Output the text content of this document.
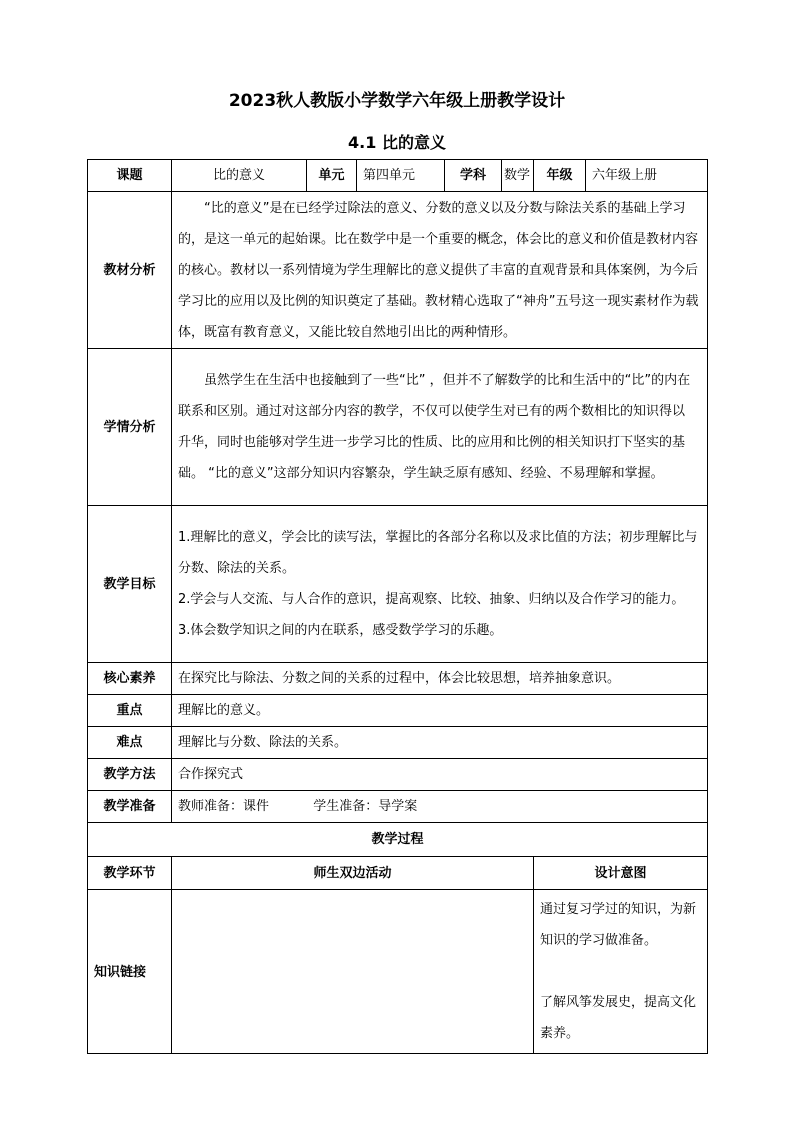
2023秋人教版小学数学六年级上册教学设计
4.1 比的意义
课题	比的意义	单元	第四单元	学科	数学	年级	六年级上册
教材分析	“比的意义”是在已经学过除法的意义、分数的意义以及分数与除法关系的基础上学习的，是这一单元的起始课。比在数学中是一个重要的概念，体会比的意义和价值是教材内容的核心。教材以一系列情境为学生理解比的意义提供了丰富的直观背景和具体案例，为今后学习比的应用以及比例的知识奠定了基础。教材精心选取了“神舟”五号这一现实素材作为载体，既富有教育意义，又能比较自然地引出比的两种情形。						

学情分析	虽然学生在生活中也接触到了一些“比” ，但并不了解数学的比和生活中的“比”的内在联系和区别。通过对这部分内容的教学，不仅可以使学生对已有的两个数相比的知识得以 升华，同时也能够对学生进一步学习比的性质、比的应用和比例的相关知识打下坚实的基础。 “比的意义”这部分知识内容繁杂，学生缺乏原有感知、经验、不易理解和掌握。						

教学目标	1.理解比的意义，学会比的读写法，掌握比的各部分名称以及求比值的方法；初步理解比与分数、除法的关系。

2.学会与人交流、与人合作的意识，提高观察、比较、抽象、归纳以及合作学习的能力。

3.体会数学知识之间的内在联系，感受数学学习的乐趣。						

核心素养	在探究比与除法、分数之间的关系的过程中，体会比较思想，培养抽象意识。						
重点	理解比的意义。						
难点	理解比与分数、除法的关系。						
教学方法	合作探究式						
教学准备	教师准备：课件 学生准备：导学案						
教学过程							
教学环节	师生双边活动					设计意图	
知识链接						通过复习学过的知识，为新知识的学习做准备。
了解风筝发展史，提高文化素养。	
